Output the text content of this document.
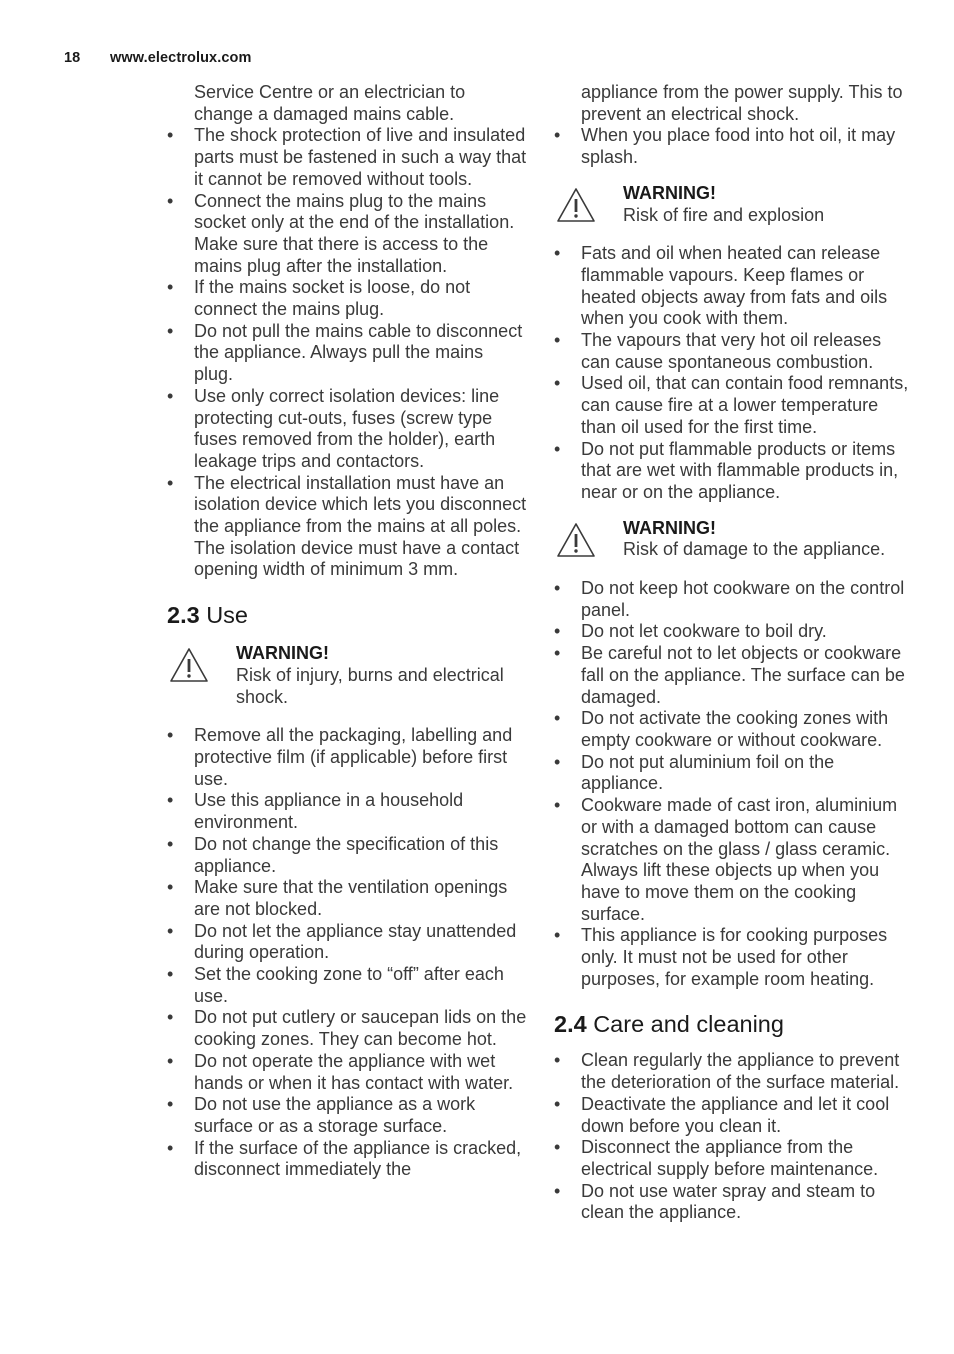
18 www.electrolux.com

Service Centre or an electrician to change a damaged mains cable.

• The shock protection of live and insulated parts must be fastened in such a way that it cannot be removed without tools.
• Connect the mains plug to the mains socket only at the end of the installation. Make sure that there is access to the mains plug after the installation.
• If the mains socket is loose, do not connect the mains plug.
• Do not pull the mains cable to disconnect the appliance. Always pull the mains plug.
• Use only correct isolation devices: line protecting cut-outs, fuses (screw type fuses removed from the holder), earth leakage trips and contactors.
• The electrical installation must have an isolation device which lets you disconnect the appliance from the mains at all poles. The isolation device must have a contact opening width of minimum 3 mm.
2.3 Use
WARNING!
Risk of injury, burns and electrical shock.
• Remove all the packaging, labelling and protective film (if applicable) before first use.
• Use this appliance in a household environment.
• Do not change the specification of this appliance.
• Make sure that the ventilation openings are not blocked.
• Do not let the appliance stay unattended during operation.
• Set the cooking zone to “off” after each use.
• Do not put cutlery or saucepan lids on the cooking zones. They can become hot.
• Do not operate the appliance with wet hands or when it has contact with water.
• Do not use the appliance as a work surface or as a storage surface.
• If the surface of the appliance is cracked, disconnect immediately the

appliance from the power supply. This to prevent an electrical shock.

• When you place food into hot oil, it may splash.
WARNING!
Risk of fire and explosion
• Fats and oil when heated can release flammable vapours. Keep flames or heated objects away from fats and oils when you cook with them.
• The vapours that very hot oil releases can cause spontaneous combustion.
• Used oil, that can contain food remnants, can cause fire at a lower temperature than oil used for the first time.
• Do not put flammable products or items that are wet with flammable products in, near or on the appliance.
WARNING!
Risk of damage to the appliance.
• Do not keep hot cookware on the control panel.
• Do not let cookware to boil dry.
• Be careful not to let objects or cookware fall on the appliance. The surface can be damaged.
• Do not activate the cooking zones with empty cookware or without cookware.
• Do not put aluminium foil on the appliance.
• Cookware made of cast iron, aluminium or with a damaged bottom can cause scratches on the glass / glass ceramic. Always lift these objects up when you have to move them on the cooking surface.
• This appliance is for cooking purposes only. It must not be used for other purposes, for example room heating.
2.4 Care and cleaning
• Clean regularly the appliance to prevent the deterioration of the surface material.
• Deactivate the appliance and let it cool down before you clean it.
• Disconnect the appliance from the electrical supply before maintenance.
• Do not use water spray and steam to clean the appliance.
